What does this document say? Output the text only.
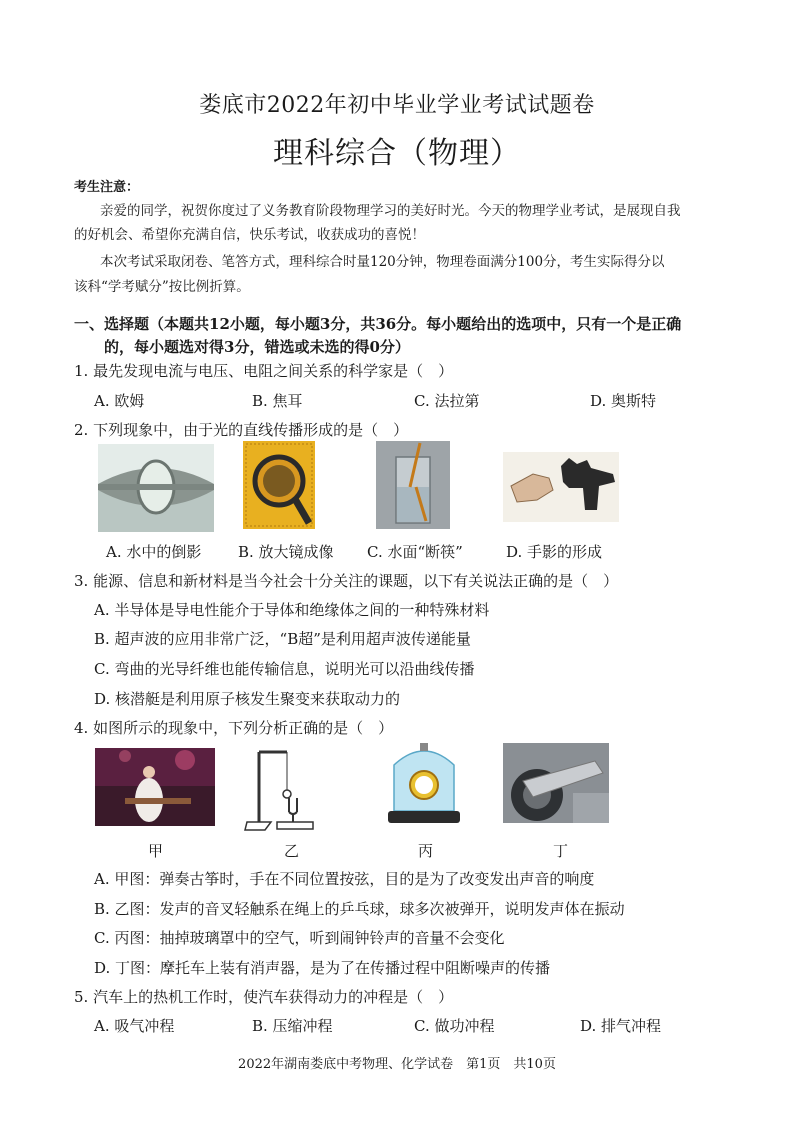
娄底市2022年初中毕业学业考试试题卷
理科综合（物理）
考生注意：
亲爱的同学，祝贺你度过了义务教育阶段物理学习的美好时光。今天的物理学业考试，是展现自我
的好机会、希望你充满自信，快乐考试，收获成功的喜悦！
本次考试采取闭卷、笔答方式，理科综合时量120分钟，物理卷面满分100分，考生实际得分以
该科“学考赋分”按比例折算。
一、选择题（本题共12小题，每小题3分，共36分。每小题给出的选项中，只有一个是正确
的，每小题选对得3分，错选或未选的得0分）
1. 最先发现电流与电压、电阻之间关系的科学家是（　）
A. 欧姆	B. 焦耳	C. 法拉第	D. 奥斯特
2. 下列现象中，由于光的直线传播形成的是（　）
A. 水中的倒影 B. 放大镜成像 C. 水面“断筷”	D. 手影的形成
3. 能源、信息和新材料是当今社会十分关注的课题，以下有关说法正确的是（　）
A. 半导体是导电性能介于导体和绝缘体之间的一种特殊材料
B. 超声波的应用非常广泛，“B超”是利用超声波传递能量
C. 弯曲的光导纤维也能传输信息，说明光可以沿曲线传播
D. 核潜艇是利用原子核发生聚变来获取动力的
4. 如图所示的现象中，下列分析正确的是（　）
甲	乙	丙	丁
A. 甲图：弹奏古筝时，手在不同位置按弦，目的是为了改变发出声音的响度
B. 乙图：发声的音叉轻触系在绳上的乒乓球，球多次被弹开，说明发声体在振动
C. 丙图：抽掉玻璃罩中的空气，听到闹钟铃声的音量不会变化
D. 丁图：摩托车上装有消声器，是为了在传播过程中阻断噪声的传播
5. 汽车上的热机工作时，使汽车获得动力的冲程是（　）
A. 吸气冲程	B. 压缩冲程	C. 做功冲程	D. 排气冲程
2022年湖南娄底中考物理、化学试卷　第1页　共10页
